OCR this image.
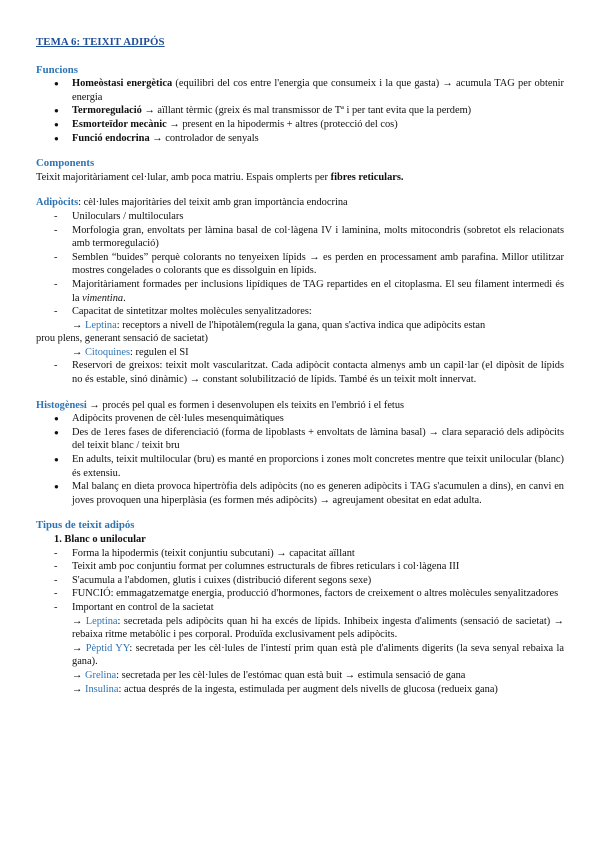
TEMA 6: TEIXIT ADIPÓS

Funcions
● Homeòstasi energètica (equilibri del cos entre l'energia que consumeix i la que gasta) → acumula TAG per obtenir energia
● Termoregulació → aïllant tèrmic (greix és mal transmissor de Tª i per tant evita que la perdem)
● Esmorteïdor mecànic → present en la hipodermis + altres (protecció del cos)
● Funció endocrina → controlador de senyals
Components

Teixit majoritàriament cel·lular, amb poca matriu. Espais omplerts per fibres reticulars.

Adipòcits: cèl·lules majoritàries del teixit amb gran importància endocrina

- Uniloculars / multiloculars
- Morfologia gran, envoltats per làmina basal de col·làgena IV i laminina, molts mitocondris (sobretot els relacionats amb termoregulació)
- Semblen “buides” perquè colorants no tenyeixen lípids → es perden en processament amb parafina. Millor utilitzar mostres congelades o colorants que es dissolguin en lípids.
- Majoritàriament formades per inclusions lipídiques de TAG repartides en el citoplasma. El seu filament intermedi és la vimentina.
- Capacitat de sintetitzar moltes molècules senyalitzadores:

→ Leptina: receptors a nivell de l'hipotàlem(regula la gana, quan s'activa indica que adipòcits estan

prou plens, generant sensació de sacietat)

→ Citoquines: regulen el SI

- Reservori de greixos: teixit molt vascularitzat. Cada adipòcit contacta almenys amb un capil·lar (el dipòsit de lípids no és estable, sinó dinàmic) → constant solubilització de lípids. També és un teixit molt innervat.

Histogènesi → procés pel qual es formen i desenvolupen els teixits en l'embrió i el fetus

● Adipòcits provenen de cèl·lules mesenquimàtiques
● Des de 1eres fases de diferenciació (forma de lipoblasts + envoltats de làmina basal) → clara separació dels adipòcits del teixit blanc / teixit bru
● En adults, teixit multilocular (bru) es manté en proporcions i zones molt concretes mentre que teixit unilocular (blanc) és extensiu.
● Mal balanç en dieta provoca hipertròfia dels adipòcits (no es generen adipòcits i TAG s'acumulen a dins), en canvi en joves provoquen una hiperplàsia (es formen més adipòcits) → agreujament obesitat en edat adulta.
Tipus de teixit adipós

1. Blanc o unilocular

- Forma la hipodermis (teixit conjuntiu subcutani) → capacitat aïllant
- Teixit amb poc conjuntiu format per columnes estructurals de fibres reticulars i col·làgena III
- S'acumula a l'abdomen, glutis i cuixes (distribució diferent segons sexe)
- FUNCIÓ: emmagatzematge energia, producció d'hormones, factors de creixement o altres molècules senyalitzadores
- Important en control de la sacietat

→ Leptina: secretada pels adipòcits quan hi ha excés de lípids. Inhibeix ingesta d'aliments (sensació de sacietat) → rebaixa ritme metabòlic i pes corporal. Produïda exclusivament pels adipòcits.

→ Pèptid YY: secretada per les cèl·lules de l'intestí prim quan està ple d'aliments digerits (la seva senyal rebaixa la gana).

→ Grelina: secretada per les cèl·lules de l'estómac quan està buit → estimula sensació de gana

→ Insulina: actua després de la ingesta, estimulada per augment dels nivells de glucosa (redueix gana)
